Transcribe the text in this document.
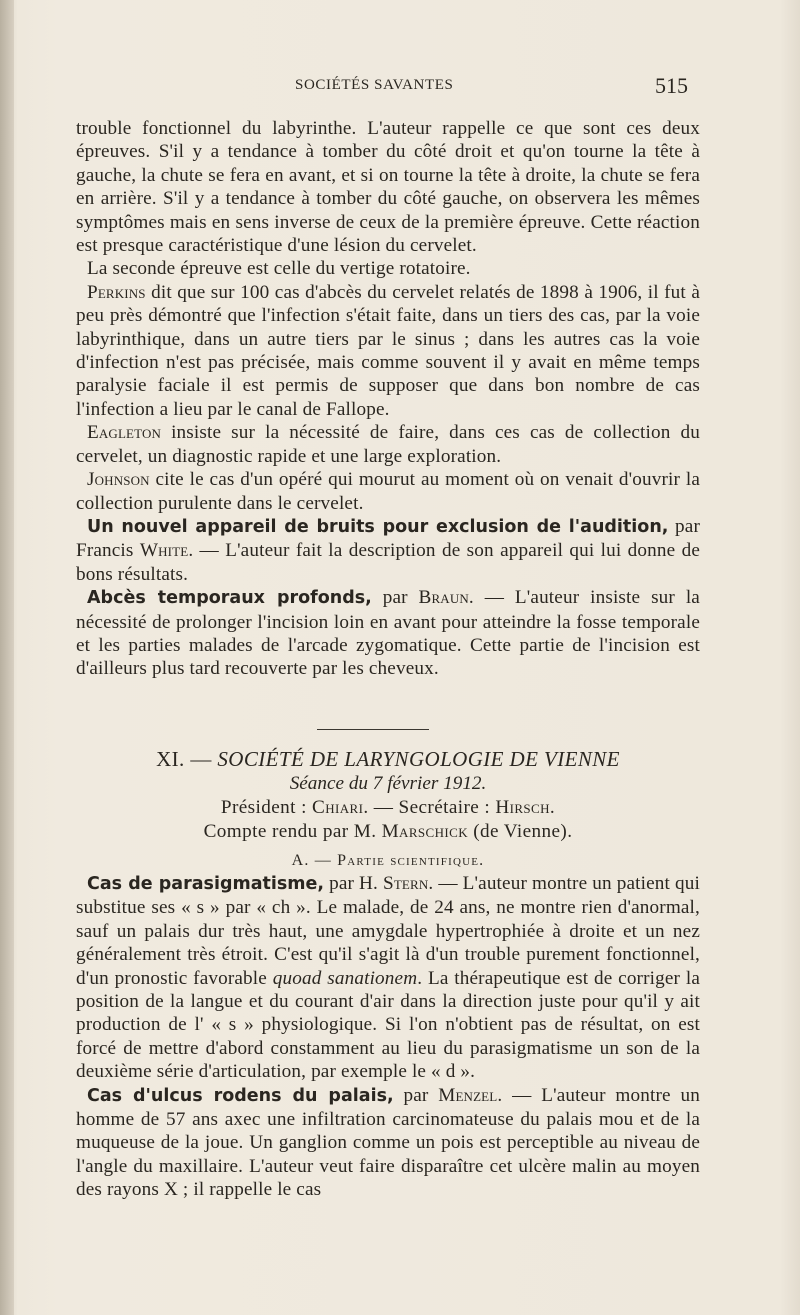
SOCIÉTÉS SAVANTES	515

trouble fonctionnel du labyrinthe. L'auteur rappelle ce que sont ces deux épreuves. S'il y a tendance à tomber du côté droit et qu'on tourne la tête à gauche, la chute se fera en avant, et si on tourne la tête à droite, la chute se fera en arrière. S'il y a tendance à tomber du côté gauche, on observera les mêmes symptômes mais en sens inverse de ceux de la première épreuve. Cette réaction est presque caractéristique d'une lésion du cervelet.

La seconde épreuve est celle du vertige rotatoire.

Perkins dit que sur 100 cas d'abcès du cervelet relatés de 1898 à 1906, il fut à peu près démontré que l'infection s'était faite, dans un tiers des cas, par la voie labyrinthique, dans un autre tiers par le sinus ; dans les autres cas la voie d'infection n'est pas précisée, mais comme souvent il y avait en même temps paralysie faciale il est permis de supposer que dans bon nombre de cas l'infection a lieu par le canal de Fallope.

Eagleton insiste sur la nécessité de faire, dans ces cas de collection du cervelet, un diagnostic rapide et une large exploration.

Johnson cite le cas d'un opéré qui mourut au moment où on venait d'ouvrir la collection purulente dans le cervelet.

Un nouvel appareil de bruits pour exclusion de l'audition, par Francis White. — L'auteur fait la description de son appareil qui lui donne de bons résultats.

Abcès temporaux profonds, par Braun. — L'auteur insiste sur la nécessité de prolonger l'incision loin en avant pour atteindre la fosse temporale et les parties malades de l'arcade zygomatique. Cette partie de l'incision est d'ailleurs plus tard recouverte par les cheveux.

XI. — SOCIÉTÉ DE LARYNGOLOGIE DE VIENNE
Séance du 7 février 1912.
Président : Chiari. — Secrétaire : Hirsch.
Compte rendu par M. Marschick (de Vienne).
A. — Partie scientifique.

Cas de parasigmatisme, par H. Stern. — L'auteur montre un patient qui substitue ses « s » par « ch ». Le malade, de 24 ans, ne montre rien d'anormal, sauf un palais dur très haut, une amygdale hypertrophiée à droite et un nez généralement très étroit. C'est qu'il s'agit là d'un trouble purement fonctionnel, d'un pronostic favorable quoad sanationem. La thérapeutique est de corriger la position de la langue et du courant d'air dans la direction juste pour qu'il y ait production de l' « s » physiologique. Si l'on n'obtient pas de résultat, on est forcé de mettre d'abord constamment au lieu du parasigmatisme un son de la deuxième série d'articulation, par exemple le « d ».

Cas d'ulcus rodens du palais, par Menzel. — L'auteur montre un homme de 57 ans axec une infiltration carcinomateuse du palais mou et de la muqueuse de la joue. Un ganglion comme un pois est perceptible au niveau de l'angle du maxillaire. L'auteur veut faire disparaître cet ulcère malin au moyen des rayons X ; il rappelle le cas
